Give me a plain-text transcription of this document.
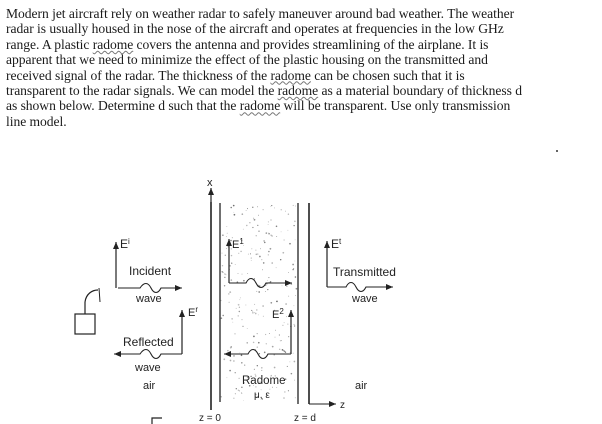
Modern jet aircraft rely on weather radar to safely maneuver around bad weather. The weather
radar is usually housed in the nose of the aircraft and operates at frequencies in the low GHz
range. A plastic radome covers the antenna and provides streamlining of the airplane. It is
apparent that we need to minimize the effect of the plastic housing on the transmitted and
received signal of the radar. The thickness of the radome can be chosen such that it is
transparent to the radar signals. We can model the radome as a material boundary of thickness d
as shown below. Determine d such that the radome will be transparent. Use only transmission
line model.
x
$E^i$
Incident
wave
$E^r$
Reflected
wave
air
$E^1$
$E^2$
Radome
μ, ε
$E^t$
Transmitted
wave
air
z
z = 0	z = d
